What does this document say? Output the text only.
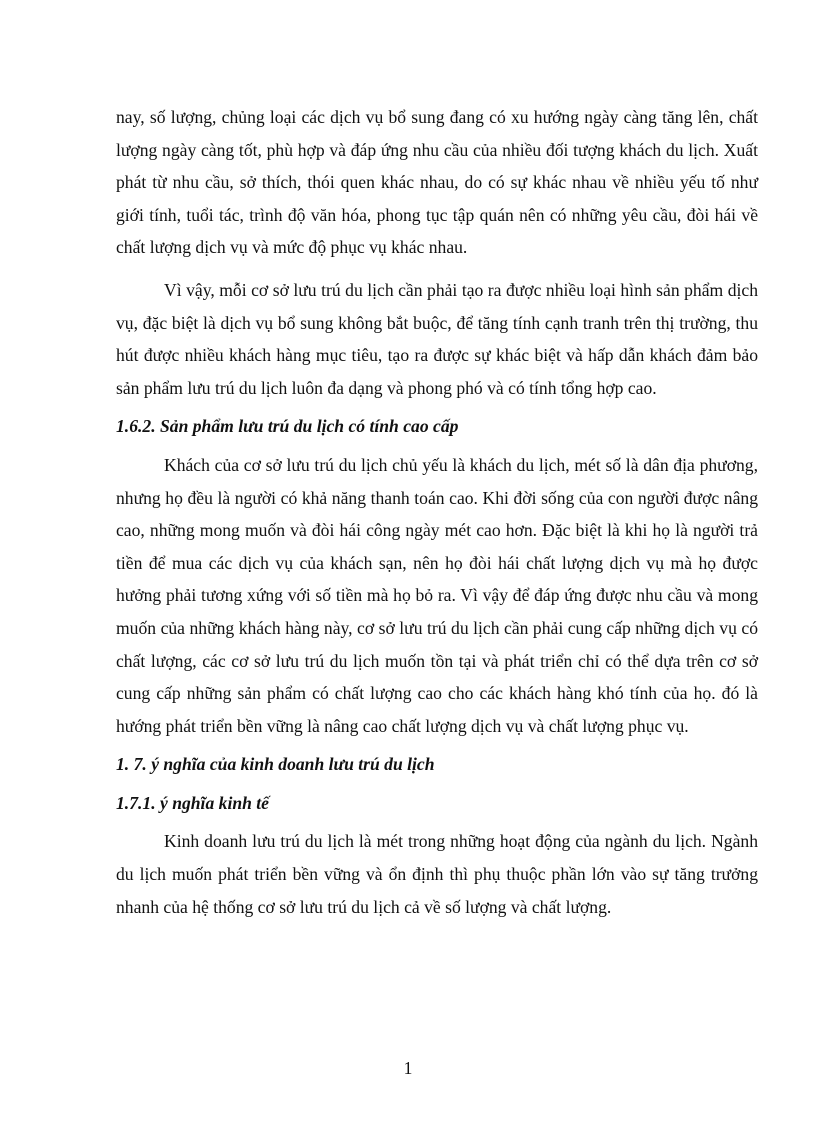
nay, số lượng, chủng loại các dịch vụ bổ sung đang có xu hướng ngày càng tăng lên, chất lượng ngày càng tốt, phù hợp và đáp ứng nhu cầu của nhiều đối tượng khách du lịch. Xuất phát từ nhu cầu, sở thích, thói quen khác nhau, do có sự khác nhau về nhiều yếu tố như giới tính, tuổi tác, trình độ văn hóa, phong tục tập quán nên có những yêu cầu, đòi hái về chất lượng dịch vụ và mức độ phục vụ khác nhau.

Vì vậy, mỗi cơ sở lưu trú du lịch cần phải tạo ra được nhiều loại hình sản phẩm dịch vụ, đặc biệt là dịch vụ bổ sung không bắt buộc, để tăng tính cạnh tranh trên thị trường, thu hút được nhiều khách hàng mục tiêu, tạo ra được sự khác biệt và hấp dẫn khách đảm bảo sản phẩm lưu trú du lịch luôn đa dạng và phong phó và có tính tổng hợp cao.

1.6.2. Sản phẩm lưu trú du lịch có tính cao cấp

Khách của cơ sở lưu trú du lịch chủ yếu là khách du lịch, mét số là dân địa phương, nhưng họ đều là người có khả năng thanh toán cao. Khi đời sống của con người được nâng cao, những mong muốn và đòi hái công ngày mét cao hơn. Đặc biệt là khi họ là người trả tiền để mua các dịch vụ của khách sạn, nên họ đòi hái chất lượng dịch vụ mà họ được hưởng phải tương xứng với số tiền mà họ bỏ ra. Vì vậy để đáp ứng được nhu cầu và mong muốn của những khách hàng này, cơ sở lưu trú du lịch cần phải cung cấp những dịch vụ có chất lượng, các cơ sở lưu trú du lịch muốn tồn tại và phát triển chỉ có thể dựa trên cơ sở cung cấp những sản phẩm có chất lượng cao cho các khách hàng khó tính của họ. đó là hướng phát triển bền vững là nâng cao chất lượng dịch vụ và chất lượng phục vụ.

1. 7. ý nghĩa của kinh doanh lưu trú du lịch

1.7.1. ý nghĩa kinh tế

Kinh doanh lưu trú du lịch là mét trong những hoạt động của ngành du lịch. Ngành du lịch muốn phát triển bền vững và ổn định thì phụ thuộc phần lớn vào sự tăng trưởng nhanh của hệ thống cơ sở lưu trú du lịch cả về số lượng và chất lượng.

1
